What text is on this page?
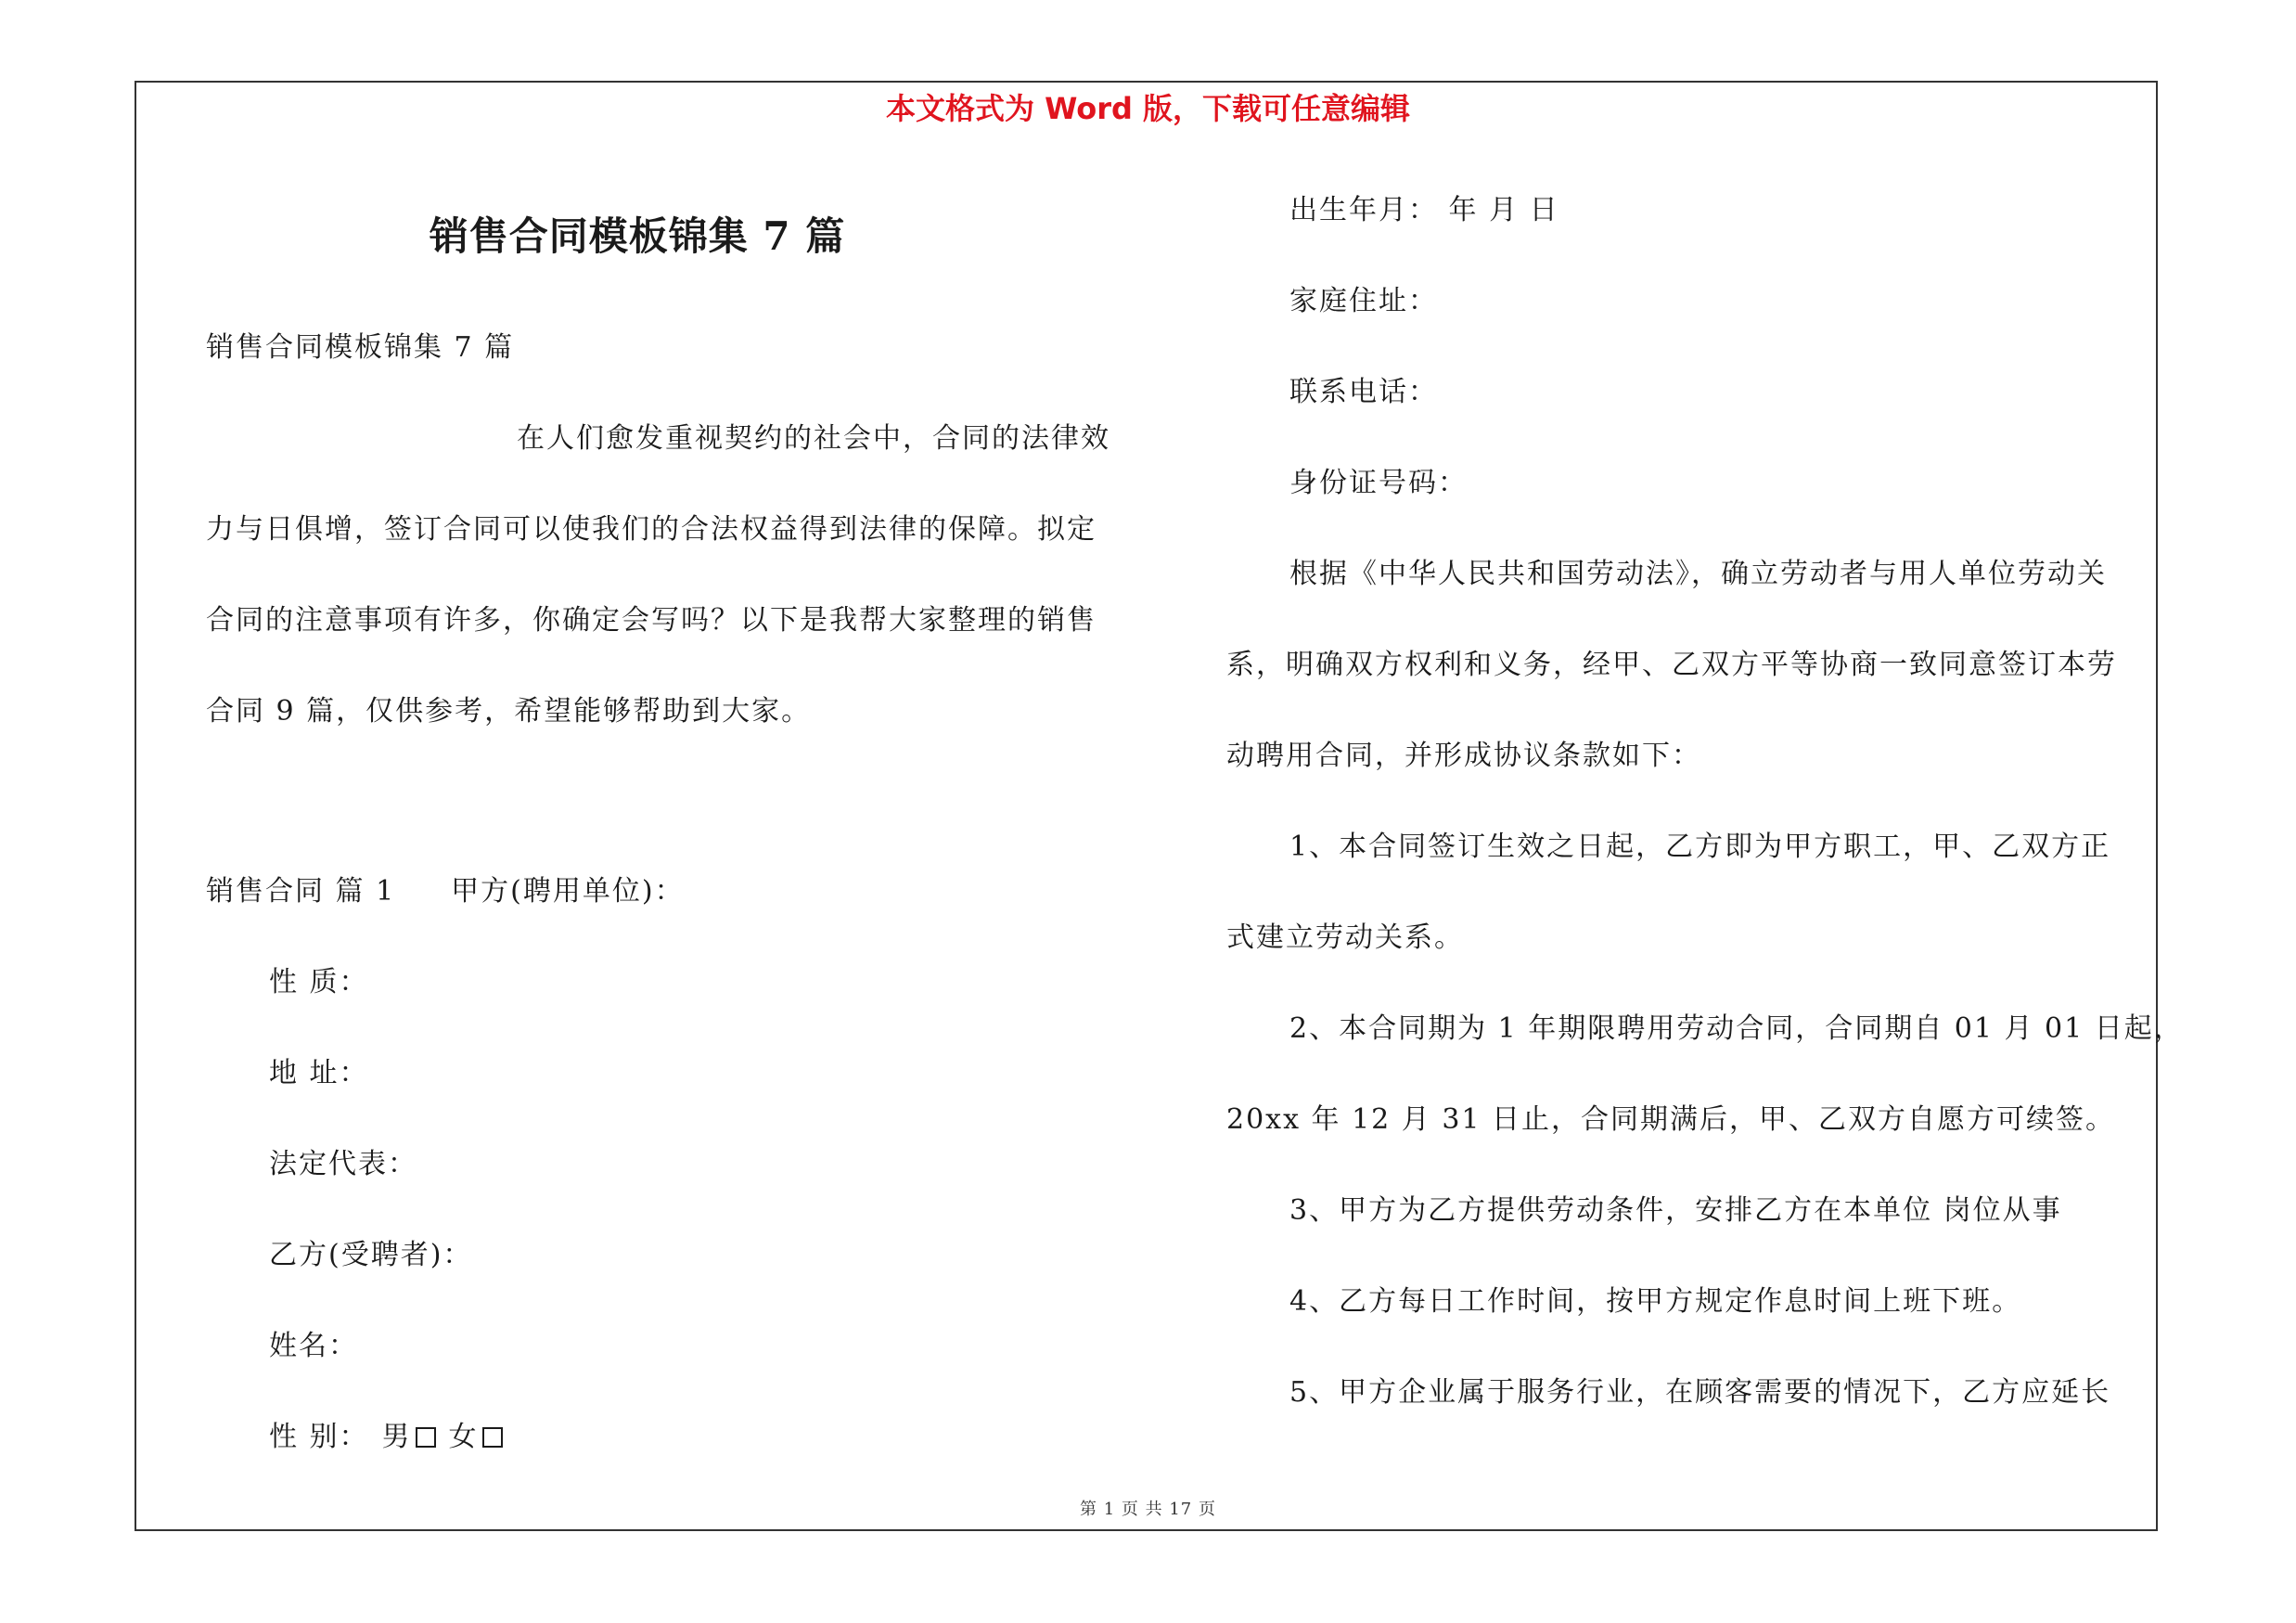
本文格式为 Word 版，下载可任意编辑
销售合同模板锦集 7 篇
销售合同模板锦集 7 篇
在人们愈发重视契约的社会中，合同的法律效
力与日俱增，签订合同可以使我们的合法权益得到法律的保障。拟定
合同的注意事项有许多，你确定会写吗？以下是我帮大家整理的销售
合同 9 篇，仅供参考，希望能够帮助到大家。
销售合同 篇 1 甲方(聘用单位)：
性 质：
地 址：
法定代表：
乙方(受聘者)：
姓名：
性 别： 男 女
出生年月： 年 月 日
家庭住址：
联系电话：
身份证号码：
根据《中华人民共和国劳动法》，确立劳动者与用人单位劳动关
系，明确双方权利和义务，经甲、乙双方平等协商一致同意签订本劳
动聘用合同，并形成协议条款如下：
1、本合同签订生效之日起，乙方即为甲方职工，甲、乙双方正
式建立劳动关系。
2、本合同期为 1 年期限聘用劳动合同，合同期自 01 月 01 日起，
20xx 年 12 月 31 日止，合同期满后，甲、乙双方自愿方可续签。
3、甲方为乙方提供劳动条件，安排乙方在本单位 岗位从事
4、乙方每日工作时间，按甲方规定作息时间上班下班。
5、甲方企业属于服务行业，在顾客需要的情况下，乙方应延长
第 1 页 共 17 页
